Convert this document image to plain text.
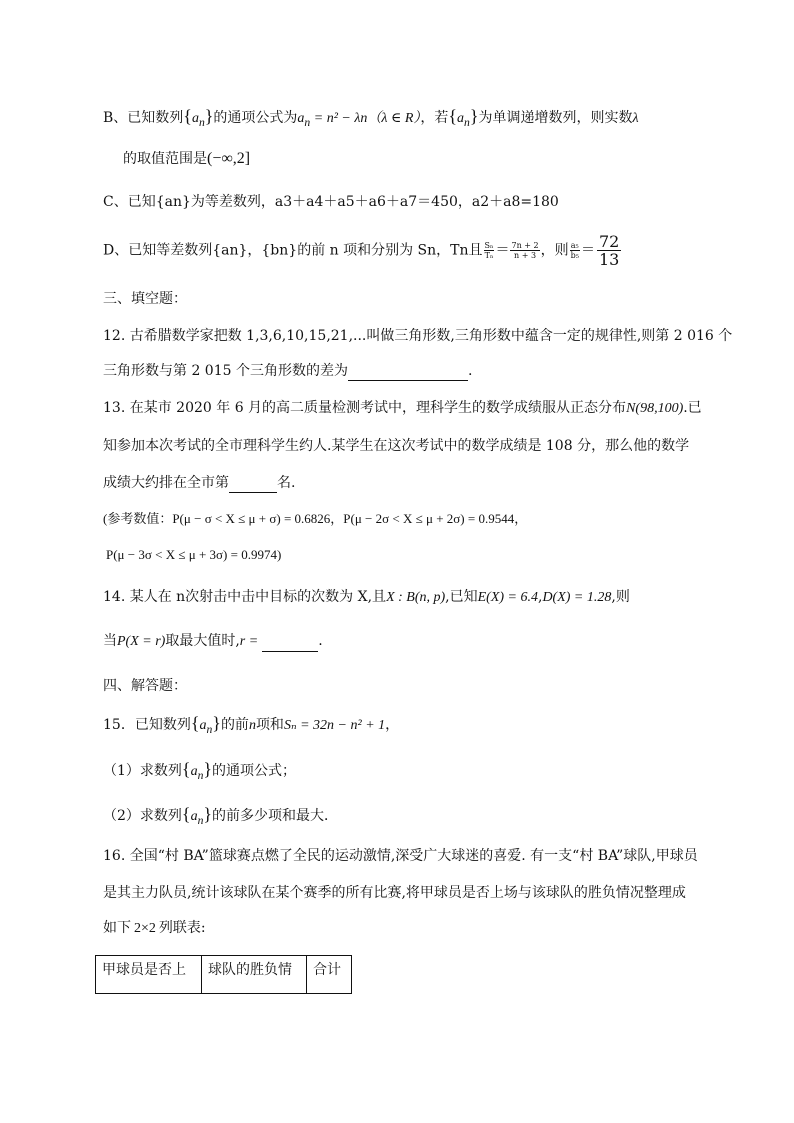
B、已知数列$\{a_n\}$的通项公式为$a_n = n^2 - \lambda n(\lambda$ ∈ R），若$\{a_n\}$为单调递增数列，则实数λ
的取值范围是(−∞,2]
C、已知{an}为等差数列，a3＋a4＋a5＋a6＋a7＝450，a2＋a8=180
D、已知等差数列{an}，{bn}的前 n 项和分别为 Sn，Tn且 $\frac{\text{Sₙ}}{\text{Tₙ}} = \frac{7n + 2}{n + 3}$ ，则 $\frac{\text{a₅}}{\text{b₅}} = \frac{72}{13}$
三、填空题：
12. 古希腊数学家把数 1,3,6,10,15,21,...叫做三角形数,三角形数中蕴含一定的规律性,则第 2 016 个
三角形数与第 2 015 个三角形数的差为	.
13. 在某市 2020 年 6 月的高二质量检测考试中，理科学生的数学成绩服从正态分布N(98,100).已
知参加本次考试的全市理科学生约人.某学生在这次考试中的数学成绩是 108 分，那么他的数学
成绩大约排在全市第	名.
(参考数值：P(μ − σ < X ≤ μ + σ) = 0.6826，P(μ − 2σ < X ≤ μ + 2σ) = 0.9544，
P(μ − 3σ < X ≤ μ + 3σ) = 0.9974)
14. 某人在 n次射击中击中目标的次数为 X,且X : B(n, p),已知E(X) = 6.4,D(X) = 1.28,则
当P(X = r)取最大值时,r =	.
四、解答题：
15．已知数列$\{a_n\}$的前n项和Sₙ = 32n − n² + 1，
（1）求数列$\{a_n\}$的通项公式；
（2）求数列$\{a_n\}$的前多少项和最大．
16. 全国“村 BA”篮球赛点燃了全民的运动激情,深受广大球迷的喜爱. 有一支“村 BA”球队,甲球员
是其主力队员,统计该球队在某个赛季的所有比赛,将甲球员是否上场与该球队的胜负情况整理成
如下 2×2 列联表:
甲球员是否上	球队的胜负情	合计
